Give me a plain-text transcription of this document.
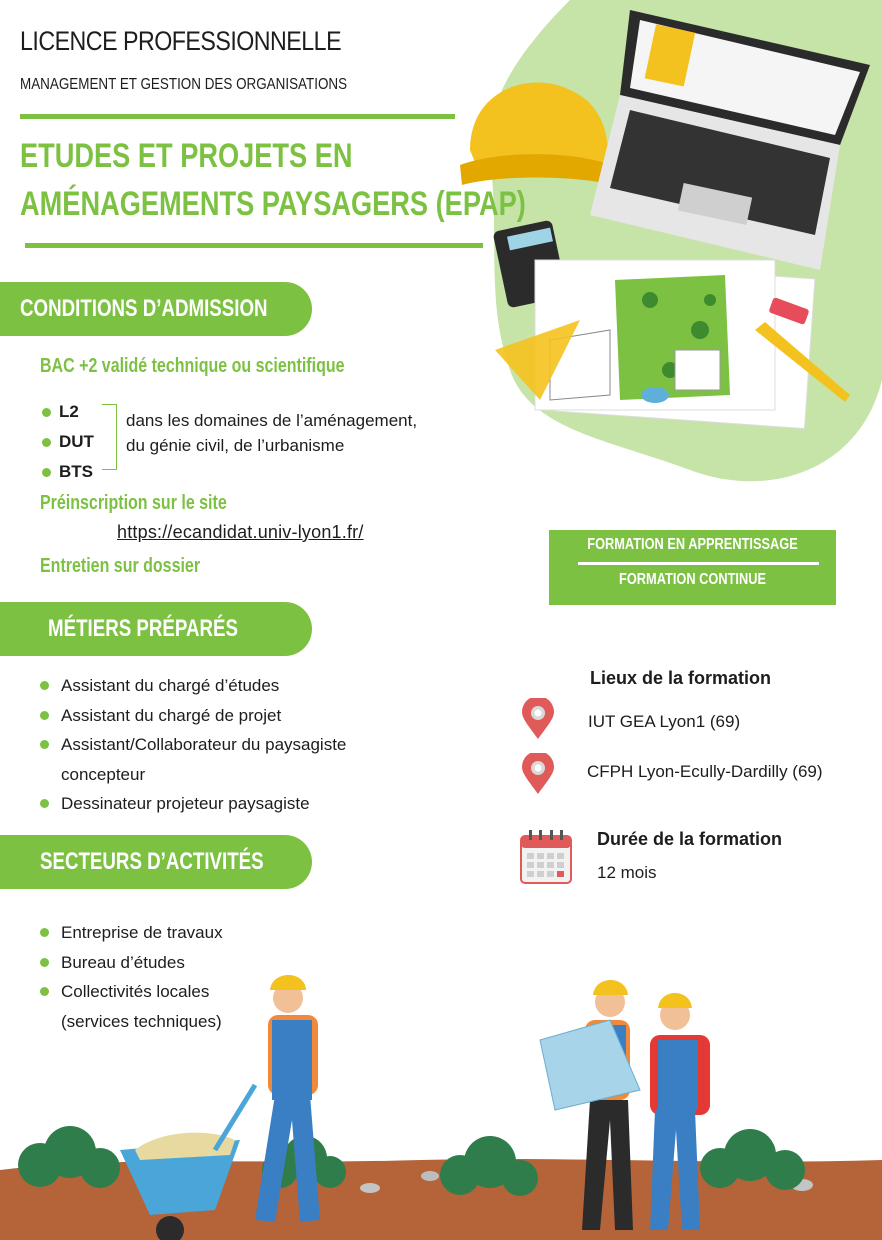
LICENCE PROFESSIONNELLE
MANAGEMENT ET GESTION DES ORGANISATIONS
ETUDES ET PROJETS EN
AMÉNAGEMENTS PAYSAGERS (EPAP)
CONDITIONS D’ADMISSION
BAC +2 validé technique ou scientifique
L2
DUT
BTS
dans les domaines de l’aménagement,
du génie civil, de l’urbanisme
Préinscription sur le site
https://ecandidat.univ-lyon1.fr/
Entretien sur dossier
FORMATION EN APPRENTISSAGE
FORMATION CONTINUE
MÉTIERS PRÉPARÉS
Assistant du chargé d’études
Assistant du chargé de projet
Assistant/Collaborateur du paysagiste
concepteur
Dessinateur projeteur paysagiste
SECTEURS D’ACTIVITÉS
Entreprise de travaux
Bureau d’études
Collectivités locales
(services techniques)
Lieux de la formation
IUT GEA Lyon1 (69)
CFPH Lyon-Ecully-Dardilly (69)
Durée de la formation
12 mois
